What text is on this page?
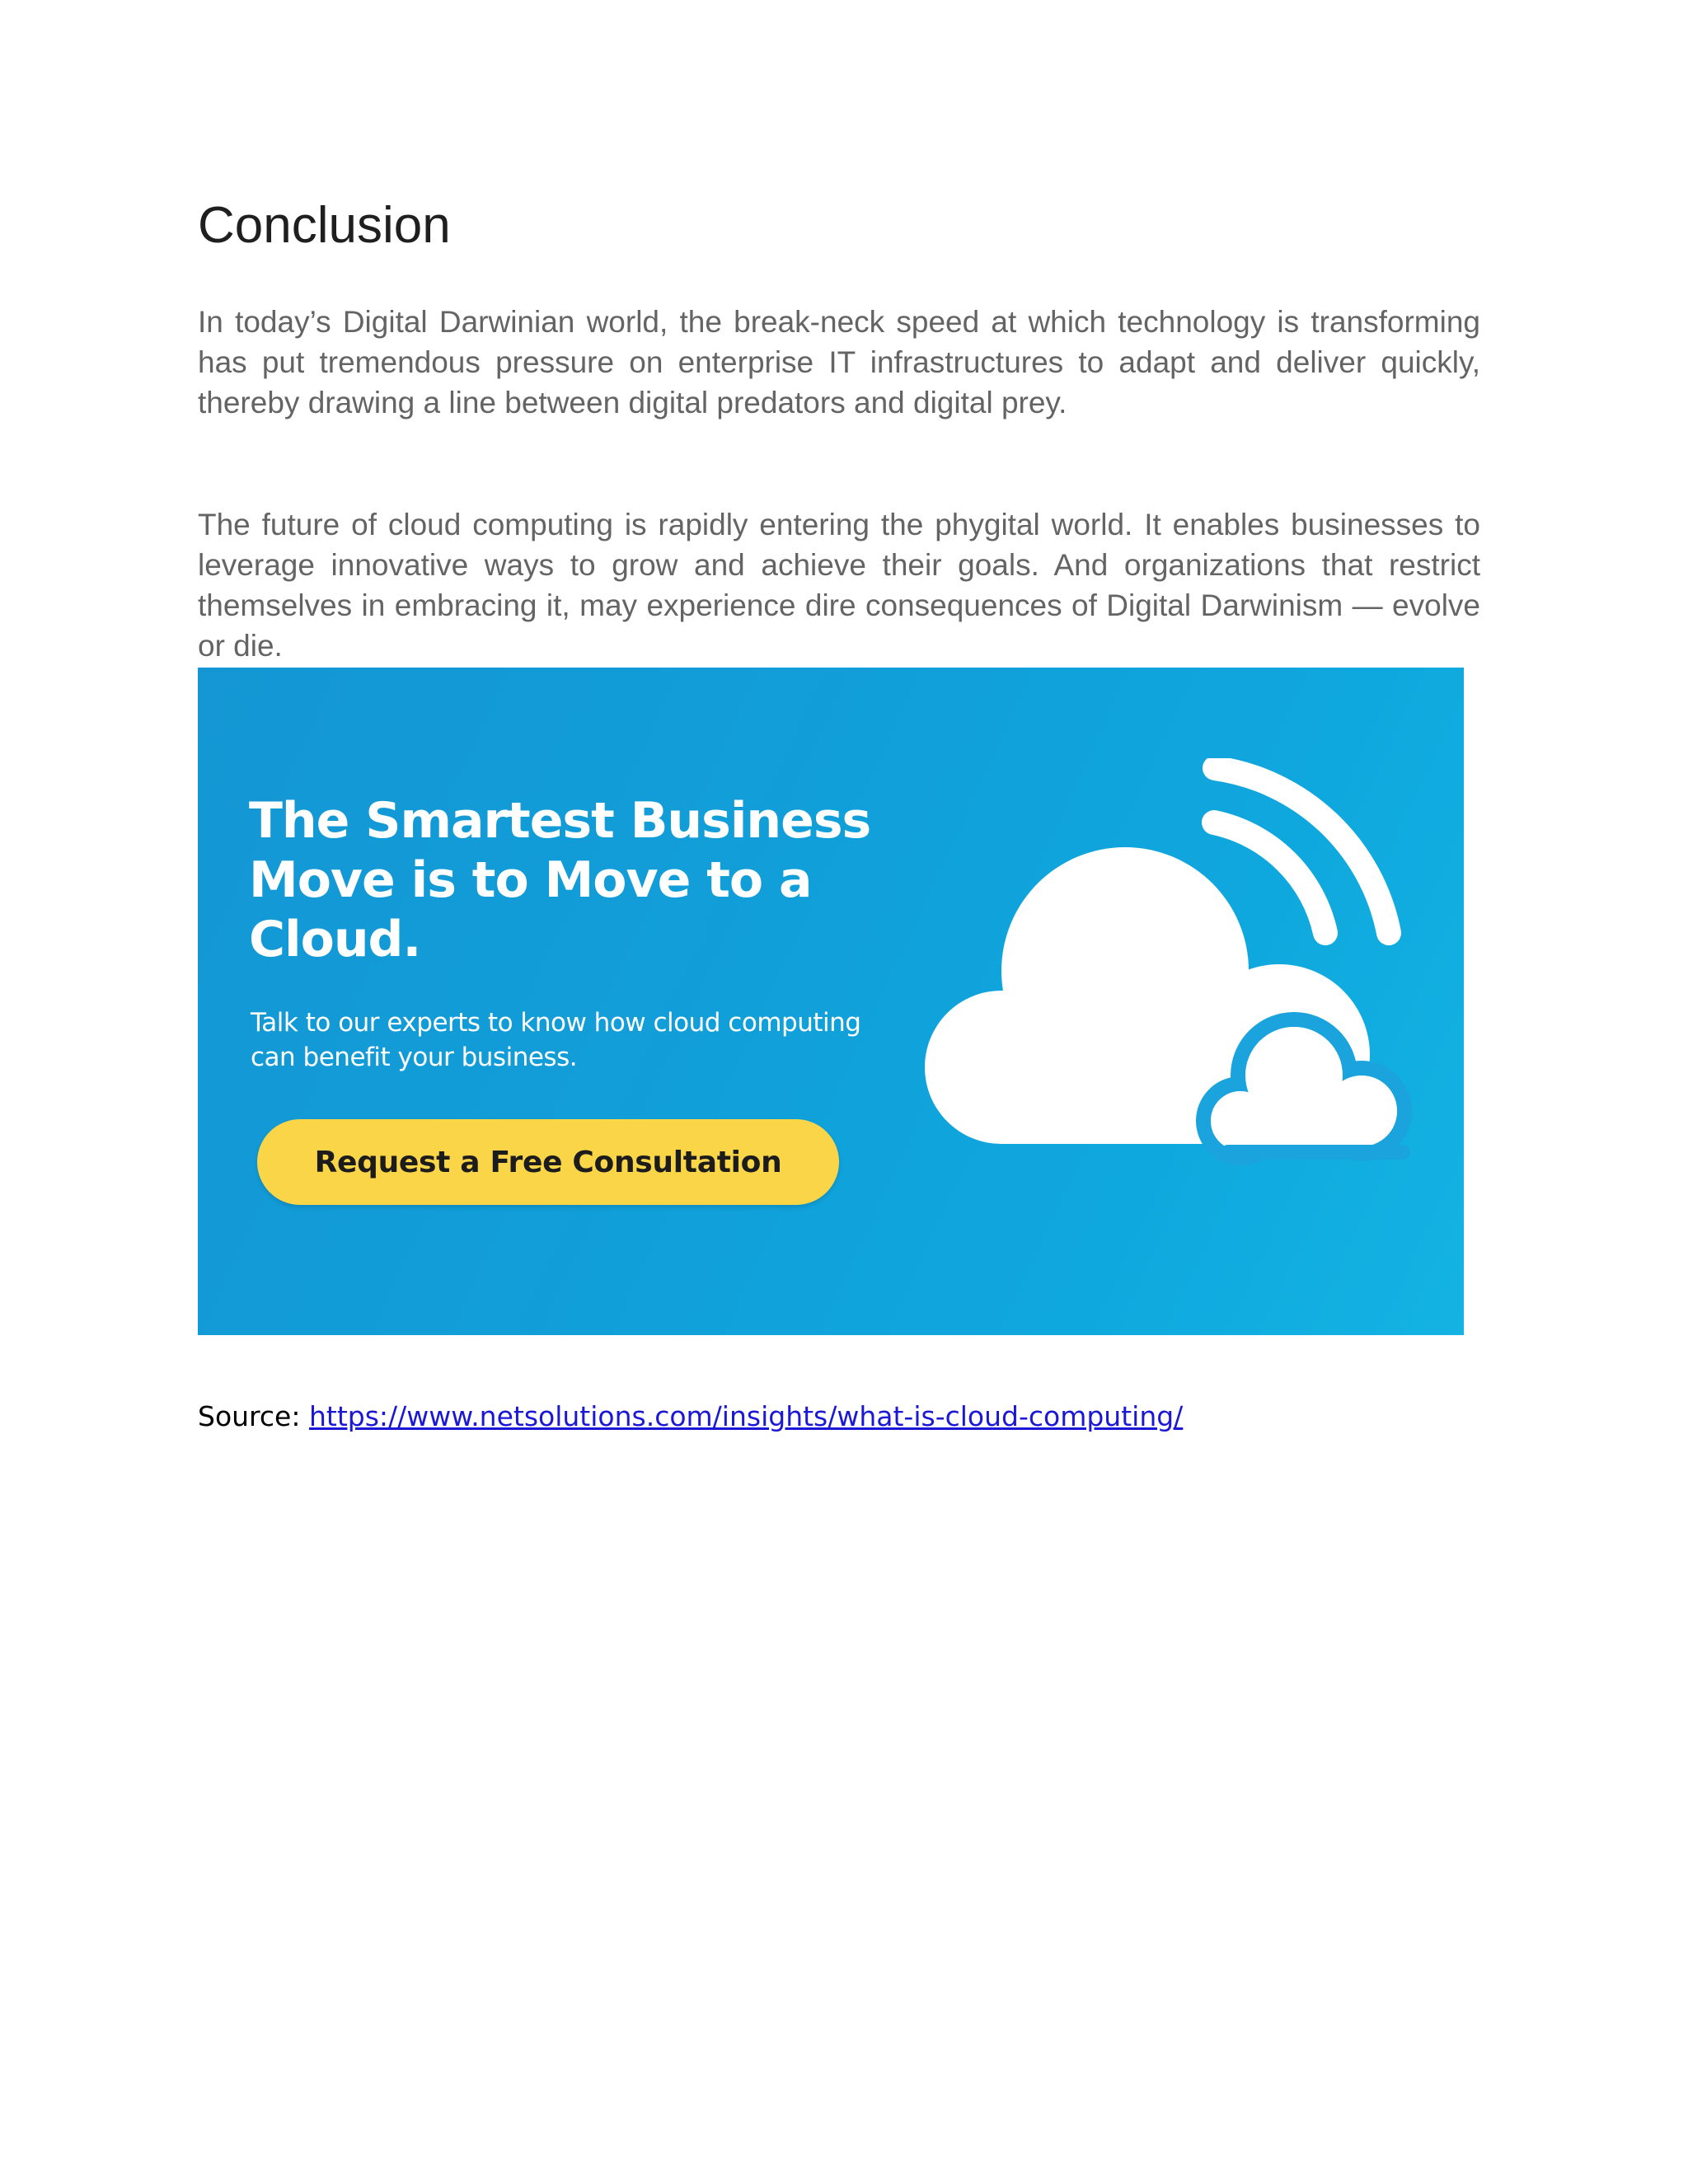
Conclusion

In today’s Digital Darwinian world, the break-neck speed at which technology is transforming has put tremendous pressure on enterprise IT infrastructures to adapt and deliver quickly, thereby drawing a line between digital predators and digital prey.

The future of cloud computing is rapidly entering the phygital world. It enables businesses to leverage innovative ways to grow and achieve their goals. And organizations that restrict themselves in embracing it, may experience dire consequences of Digital Darwinism — evolve or die.

The Smartest Business Move is to Move to a Cloud.

Talk to our experts to know how cloud computing can benefit your business.

Request a Free Consultation

Source: https://www.netsolutions.com/insights/what-is-cloud-computing/
